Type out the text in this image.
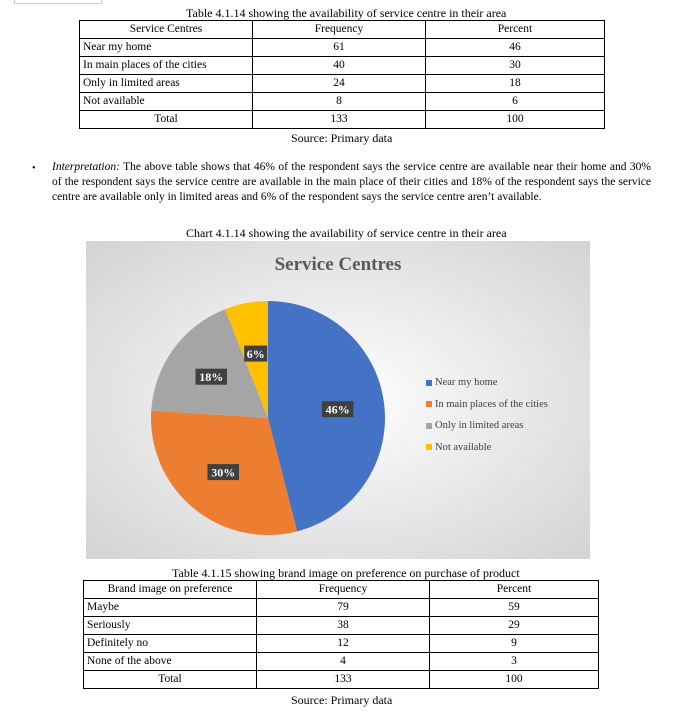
Table 4.1.14 showing the availability of service centre in their area
Service Centres	Frequency	Percent
Near my home	61	46
In main places of the cities	40	30
Only in limited areas	24	18
Not available	8	6
Total	133	100
Source: Primary data
• Interpretation: The above table shows that 46% of the respondent says the service centre are available near their home and 30% of the respondent says the service centre are available in the main place of their cities and 18% of the respondent says the service centre are available only in limited areas and 6% of the respondent says the service centre aren’t available.
Chart 4.1.14 showing the availability of service centre in their area
Service Centres
46%
30%
18%
6%
Near my home
In main places of the cities
Only in limited areas
Not available
Table 4.1.15 showing brand image on preference on purchase of product
Brand image on preference	Frequency	Percent
Maybe	79	59
Seriously	38	29
Definitely no	12	9
None of the above	4	3
Total	133	100
Source: Primary data
